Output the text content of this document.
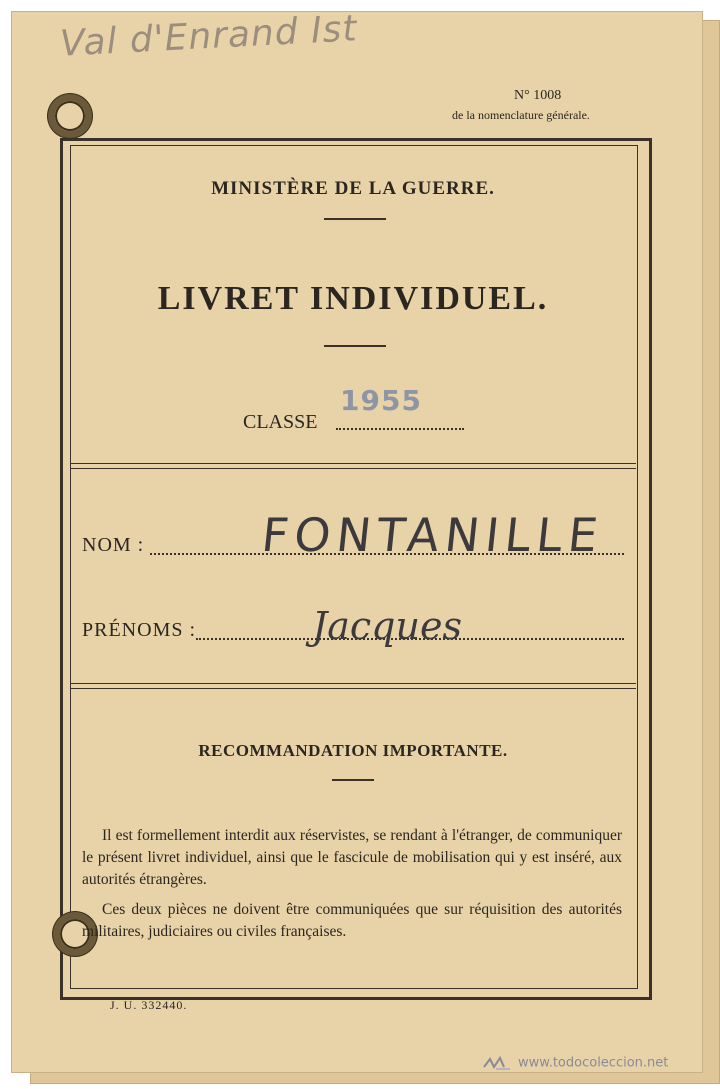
Val d'Enrand Ist
N° 1008
de la nomenclature générale.
MINISTÈRE DE LA GUERRE.
LIVRET INDIVIDUEL.
CLASSE
1955
NOM : FONTANILLE
PRÉNOMS :	Jacques
RECOMMANDATION IMPORTANTE.
Il est formellement interdit aux réservistes, se rendant à l'étranger, de communiquer le présent livret individuel, ainsi que le fascicule de mobilisation qui y est inséré, aux autorités étrangères.
Ces deux pièces ne doivent être communiquées que sur réquisition des autorités militaires, judiciaires ou civiles françaises.
J. U. 332440.
www.todocoleccion.net
